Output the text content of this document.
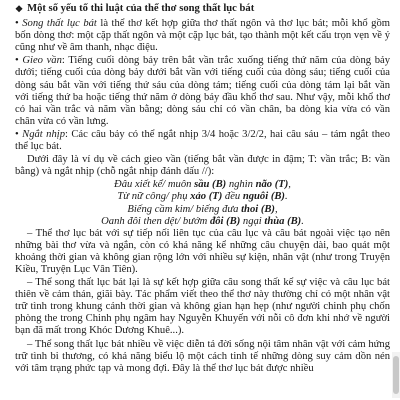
❖ Một số yếu tố thi luật của thể thơ song thất lục bát

• Song thất lục bát là thể thơ kết hợp giữa thơ thất ngôn và thơ lục bát; mỗi khổ gồm bốn dòng thơ: một cặp thất ngôn và một cặp lục bát, tạo thành một kết cấu trọn vẹn về ý cũng như về âm thanh, nhạc điệu.

• Gieo vần: Tiếng cuối dòng bảy trên bắt vần trắc xuống tiếng thứ năm của dòng bảy dưới; tiếng cuối của dòng bảy dưới bắt vần với tiếng cuối của dòng sáu; tiếng cuối của dòng sáu bắt vần với tiếng thứ sáu của dòng tám; tiếng cuối của dòng tám lại bắt vần với tiếng thứ ba hoặc tiếng thứ năm ở dòng bảy đầu khổ thơ sau. Như vậy, mỗi khổ thơ có hai vần trắc và năm vần bằng; dòng sáu chỉ có vần chân, ba dòng kia vừa có vần chân vừa có vần lưng.

• Ngắt nhịp: Các câu bảy có thể ngắt nhịp 3/4 hoặc 3/2/2, hai câu sáu – tám ngắt theo thể lục bát.

Dưới đây là ví dụ về cách gieo vần (tiếng bắt vần được in đậm; T: vần trắc; B: vần bằng) và ngắt nhịp (chỗ ngắt nhịp đánh dấu //):

Đâu xiết kể/ muôn sầu (B) nghìn não (T),

Từ nữ công/ phụ xảo (T) đều nguôi (B).

Biếng cầm kim/ biếng đưa thoi (B),

Oanh đôi then dệt/ bướm đôi (B) ngại thùa (B).

– Thể thơ lục bát với sự tiếp nối liên tục của câu lục và câu bát ngoài việc tạo nên những bài thơ vừa và ngắn, còn có khả năng kể những câu chuyện dài, bao quát một khoảng thời gian và không gian rộng lớn với nhiều sự kiện, nhân vật (như trong Truyện Kiều, Truyện Lục Vân Tiên).

– Thể song thất lục bát lại là sự kết hợp giữa câu song thất kể sự việc và câu lục bát thiên về cảm thán, giãi bày. Tác phẩm viết theo thể thơ này thường chỉ có một nhân vật trữ tình trong khung cảnh thời gian và không gian hạn hẹp (như người chinh phụ chốn phòng the trong Chinh phụ ngâm hay Nguyễn Khuyến với nỗi cô đơn khi nhớ về người bạn đã mất trong Khóc Dương Khuê...).

– Thể song thất lục bát nhiều về việc diễn tả đời sống nội tâm nhân vật với cảm hứng trữ tình bi thương, có khả năng biểu lộ một cách tinh tế những dòng suy cảm dồn nén với tâm trạng phức tạp và mong đợi. Đây là thể thơ lục bát được nhiều
